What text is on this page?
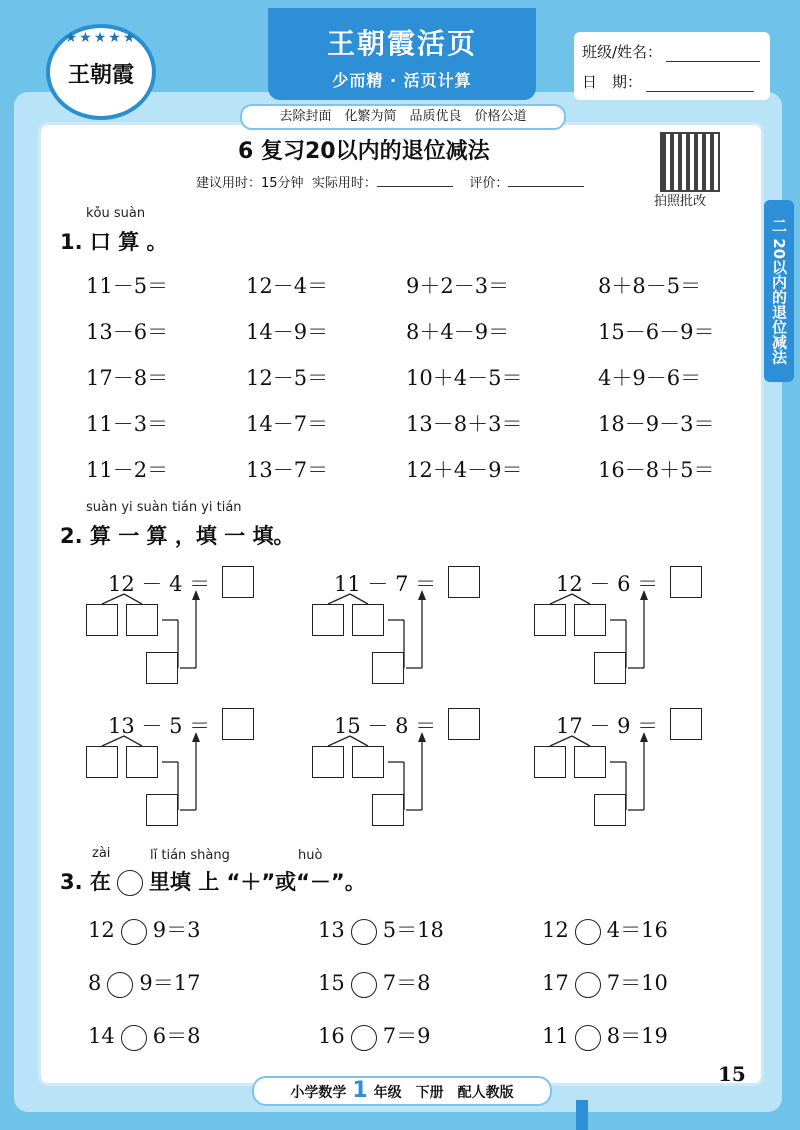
★★★★★
王朝霞
王朝霞活页
少而精 · 活页计算
班级/姓名：
日　期：
去除封面　化繁为简　品质优良　价格公道
6 复习20以内的退位减法
建议用时：15分钟 实际用时：	评价：
拍照批改
二 20以内的退位减法
kǒu suàn
1. 口 算 。
11－5＝	12－4＝	9＋2－3＝	8＋8－5＝
13－6＝	14－9＝	8＋4－9＝	15－6－9＝
17－8＝	12－5＝	10＋4－5＝	4＋9－6＝
11－3＝	14－7＝	13－8＋3＝	18－9－3＝
11－2＝	13－7＝	12＋4－9＝	16－8＋5＝
suàn yi suàn tián yi tián
2. 算 一 算 ，填 一 填。
12 － 4 ＝	11 － 7 ＝	12 － 6 ＝
13 － 5 ＝	15 － 8 ＝	17 － 9 ＝
zài	lǐ tián shàng	huò
3. 在 里填 上 “＋”或“－”。
12 9＝3	13 5＝18	12 4＝16
8 9＝17	15 7＝8	17 7＝10
14 6＝8	16 7＝9	11 8＝19
小学数学 1 年级　下册　配人教版
15
